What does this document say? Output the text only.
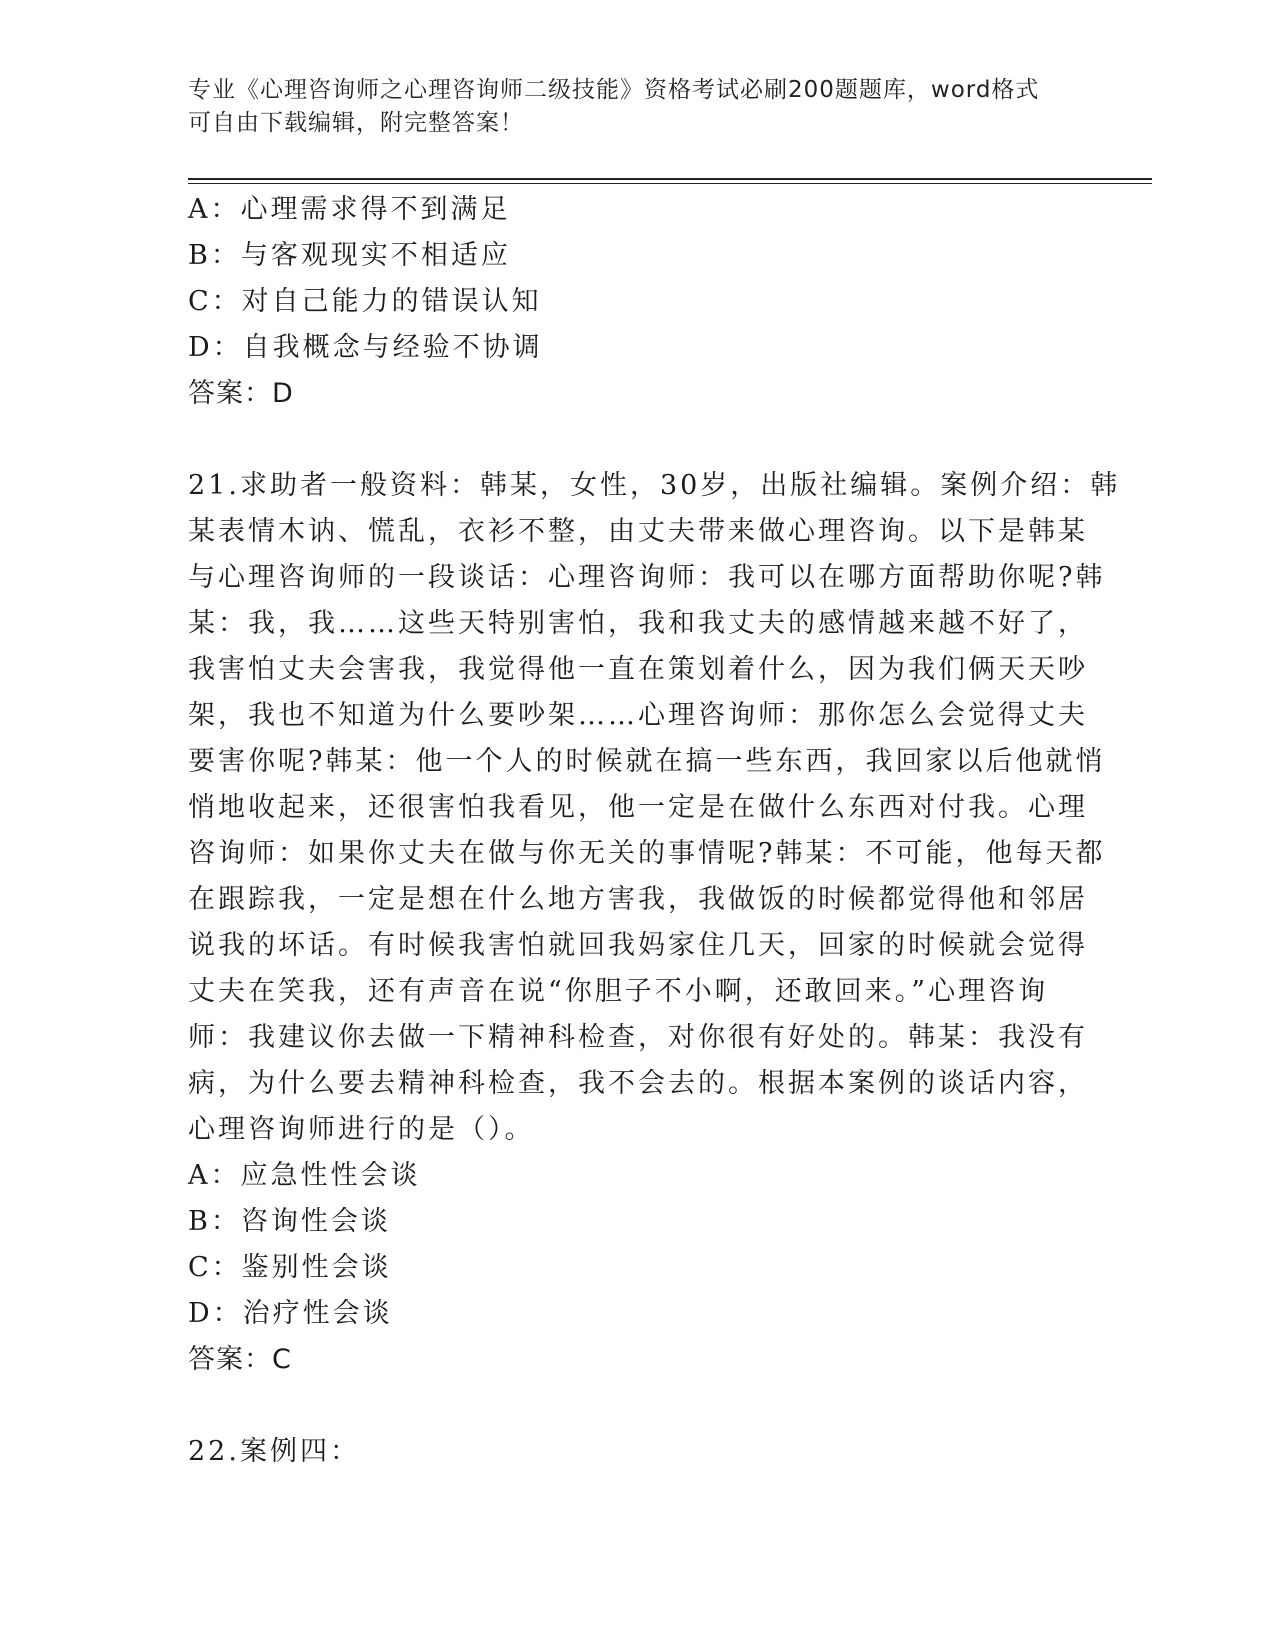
专业《心理咨询师之心理咨询师二级技能》资格考试必刷200题题库，word格式
可自由下载编辑，附完整答案！
A：心理需求得不到满足
B：与客观现实不相适应
C：对自己能力的错误认知
D：自我概念与经验不协调
答案：D
21.求助者一般资料：韩某，女性，30岁，出版社编辑。案例介绍：韩
某表情木讷、慌乱，衣衫不整，由丈夫带来做心理咨询。以下是韩某
与心理咨询师的一段谈话：心理咨询师：我可以在哪方面帮助你呢?韩
某：我，我……这些天特别害怕，我和我丈夫的感情越来越不好了，
我害怕丈夫会害我，我觉得他一直在策划着什么，因为我们俩天天吵
架，我也不知道为什么要吵架……心理咨询师：那你怎么会觉得丈夫
要害你呢?韩某：他一个人的时候就在搞一些东西，我回家以后他就悄
悄地收起来，还很害怕我看见，他一定是在做什么东西对付我。心理
咨询师：如果你丈夫在做与你无关的事情呢?韩某：不可能，他每天都
在跟踪我，一定是想在什么地方害我，我做饭的时候都觉得他和邻居
说我的坏话。有时候我害怕就回我妈家住几天，回家的时候就会觉得
丈夫在笑我，还有声音在说“你胆子不小啊，还敢回来。”心理咨询
师：我建议你去做一下精神科检查，对你很有好处的。韩某：我没有
病，为什么要去精神科检查，我不会去的。根据本案例的谈话内容，
心理咨询师进行的是（）。
A：应急性性会谈
B：咨询性会谈
C：鉴别性会谈
D：治疗性会谈
答案：C
22.案例四：
